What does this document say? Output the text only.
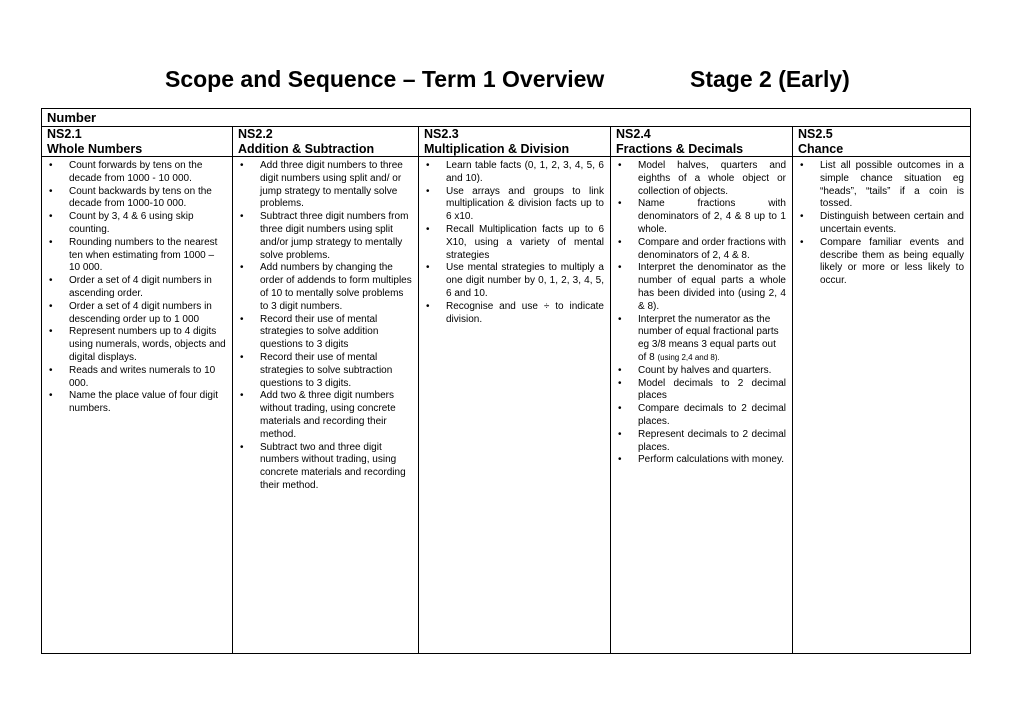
Scope and Sequence – Term 1 Overview	Stage 2 (Early)
Number
NS2.1
Whole Numbers
• Count forwards by tens on the decade from 1000 - 10 000.
• Count backwards by tens on the decade from 1000-10 000.
• Count by 3, 4 & 6 using skip counting.
• Rounding numbers to the nearest ten when estimating from 1000 – 10 000.
• Order a set of 4 digit numbers in ascending order.
• Order a set of 4 digit numbers in descending order up to 1 000
• Represent numbers up to 4 digits using numerals, words, objects and digital displays.
• Reads and writes numerals to 10 000.
• Name the place value of four digit numbers.
NS2.2
Addition & Subtraction
• Add three digit numbers to three digit numbers using split and/ or jump strategy to mentally solve problems.
• Subtract three digit numbers from three digit numbers using split and/or jump strategy to mentally solve problems.
• Add numbers by changing the order of addends to form multiples of 10 to mentally solve problems to 3 digit numbers.
• Record their use of mental strategies to solve addition questions to 3 digits
• Record their use of mental strategies to solve subtraction questions to 3 digits.
• Add two & three digit numbers without trading, using concrete materials and recording their method.
• Subtract two and three digit numbers without trading, using concrete materials and recording their method.
NS2.3
Multiplication & Division
• Learn table facts (0, 1, 2, 3, 4, 5, 6 and 10).
• Use arrays and groups to link multiplication & division facts up to 6 x10.
• Recall Multiplication facts up to 6 X10, using a variety of mental strategies
• Use mental strategies to multiply a one digit number by 0, 1, 2, 3, 4, 5, 6 and 10.
• Recognise and use ÷ to indicate division.
NS2.4
Fractions & Decimals
• Model halves, quarters and eighths of a whole object or collection of objects.
• Name fractions with denominators of 2, 4 & 8 up to 1 whole.
• Compare and order fractions with denominators of 2, 4 & 8.
• Interpret the denominator as the number of equal parts a whole has been divided into (using 2, 4 & 8).
• Interpret the numerator as the number of equal fractional parts eg 3/8 means 3 equal parts out of 8 (using 2,4 and 8).
• Count by halves and quarters.
• Model decimals to 2 decimal places
• Compare decimals to 2 decimal places.
• Represent decimals to 2 decimal places.
• Perform calculations with money.
NS2.5
Chance
• List all possible outcomes in a simple chance situation eg “heads”, “tails” if a coin is tossed.
• Distinguish between certain and uncertain events.
• Compare familiar events and describe them as being equally likely or more or less likely to occur.
